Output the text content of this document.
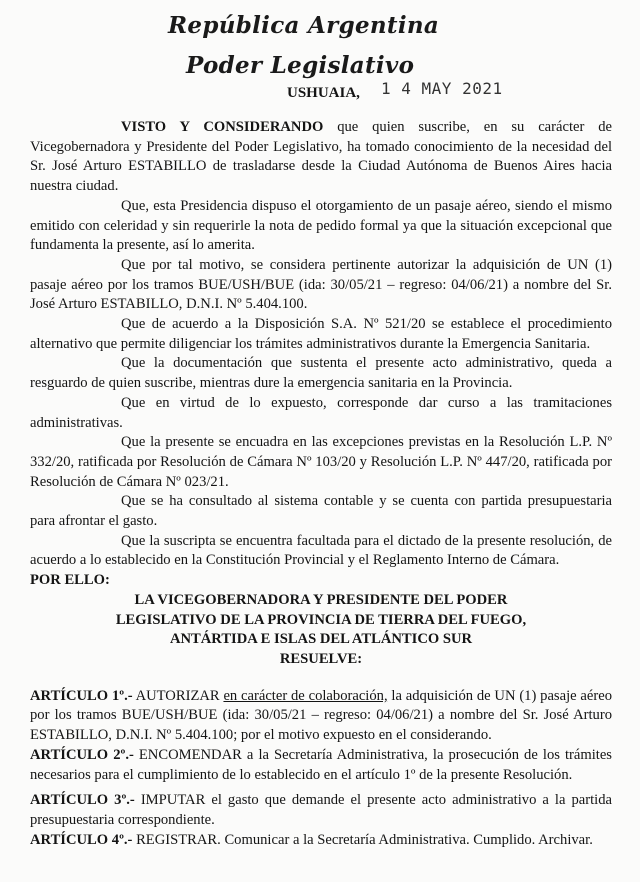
República Argentina
Poder Legislativo
USHUAIA, 1 4 MAY 2021

VISTO Y CONSIDERANDO que quien suscribe, en su carácter de Vicegobernadora y Presidente del Poder Legislativo, ha tomado conocimiento de la necesidad del Sr. José Arturo ESTABILLO de trasladarse desde la Ciudad Autónoma de Buenos Aires hacia nuestra ciudad.

Que, esta Presidencia dispuso el otorgamiento de un pasaje aéreo, siendo el mismo emitido con celeridad y sin requerirle la nota de pedido formal ya que la situación excepcional que fundamenta la presente, así lo amerita.

Que por tal motivo, se considera pertinente autorizar la adquisición de UN (1) pasaje aéreo por los tramos BUE/USH/BUE (ida: 30/05/21 – regreso: 04/06/21) a nombre del Sr. José Arturo ESTABILLO, D.N.I. Nº 5.404.100.

Que de acuerdo a la Disposición S.A. Nº 521/20 se establece el procedimiento alternativo que permite diligenciar los trámites administrativos durante la Emergencia Sanitaria.

Que la documentación que sustenta el presente acto administrativo, queda a resguardo de quien suscribe, mientras dure la emergencia sanitaria en la Provincia.

Que en virtud de lo expuesto, corresponde dar curso a las tramitaciones administrativas.

Que la presente se encuadra en las excepciones previstas en la Resolución L.P. Nº 332/20, ratificada por Resolución de Cámara Nº 103/20 y Resolución L.P. Nº 447/20, ratificada por Resolución de Cámara Nº 023/21.

Que se ha consultado al sistema contable y se cuenta con partida presupuestaria para afrontar el gasto.

Que la suscripta se encuentra facultada para el dictado de la presente resolución, de acuerdo a lo establecido en la Constitución Provincial y el Reglamento Interno de Cámara.

POR ELLO:

LA VICEGOBERNADORA Y PRESIDENTE DEL PODER

LEGISLATIVO DE LA PROVINCIA DE TIERRA DEL FUEGO,

ANTÁRTIDA E ISLAS DEL ATLÁNTICO SUR

RESUELVE:

ARTÍCULO 1º.- AUTORIZAR en carácter de colaboración, la adquisición de UN (1) pasaje aéreo por los tramos BUE/USH/BUE (ida: 30/05/21 – regreso: 04/06/21) a nombre del Sr. José Arturo ESTABILLO, D.N.I. Nº 5.404.100; por el motivo expuesto en el considerando.

ARTÍCULO 2º.- ENCOMENDAR a la Secretaría Administrativa, la prosecución de los trámites necesarios para el cumplimiento de lo establecido en el artículo 1º de la presente Resolución.

ARTÍCULO 3º.- IMPUTAR el gasto que demande el presente acto administrativo a la partida presupuestaria correspondiente.

ARTÍCULO 4º.- REGISTRAR. Comunicar a la Secretaría Administrativa. Cumplido. Archivar.
